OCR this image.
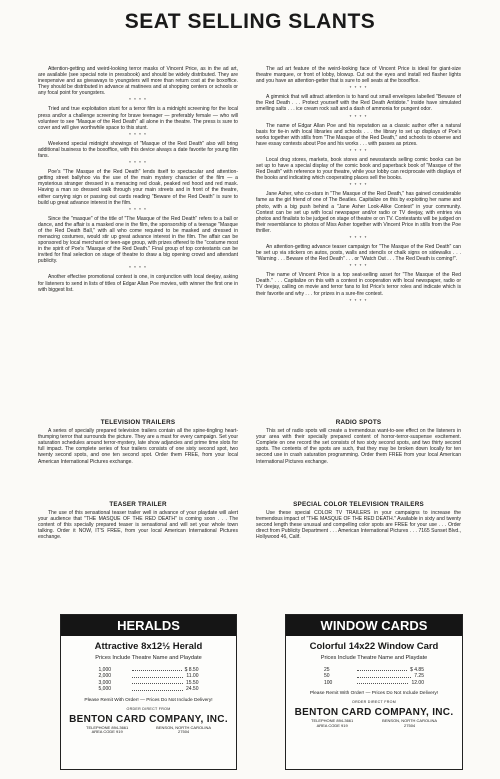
SEAT SELLING SLANTS

Attention-getting and weird-looking terror masks of Vincent Price, as in the ad art, are available (see special note in pressbook) and should be widely distributed. They are inexpensive and as giveaways to youngsters will more than return cost at the boxoffice. They should be distributed in advance at matinees and at shopping centers or schools or any focal point for youngsters.

* * * *

Tried and true exploitation stunt for a terror film is a midnight screening for the local press and/or a challenge screening for brave teenager — preferably female — who will volunteer to see "Masque of the Red Death" all alone in the theatre. The press is sure to cover and will give worthwhile space to this stunt.

* * * *

Weekend special midnight showings of "Masque of the Red Death" also will bring additional business to the boxoffice, with this device always a date favorite for young film fans.

* * * *

Poe's "The Masque of the Red Death" lends itself to spectacular and attention-getting street ballyhoo via the use of the main mystery character of the film — a mysterious stranger dressed in a menacing red cloak, peaked red hood and red mask. Having a man so dressed walk through your main streets and in front of the theatre, either carrying sign or passing out cards reading "Beware of the Red Death" is sure to build up great advance interest in the film.

* * * *

Since the "masque" of the title of "The Masque of the Red Death" refers to a ball or dance, and the affair is a masked one in the film, the sponsorship of a teenage "Masque of the Red Death Ball," with all who come required to be masked and dressed in menacing costumes, would stir up great advance interest in the film. The affair can be sponsored by local merchant or teen-age group, with prizes offered to the "costume most in the spirit of Poe's "Masque of the Red Death." Final group of top contestants can be invited for final selection on stage of theatre to draw a big opening crowd and attendant publicity.

* * * *

Another effective promotional contest is one, in conjunction with local deejay, asking for listeners to send in lists of titles of Edgar Allan Poe movies, with winner the first one in with biggest list.

The ad art feature of the weird-looking face of Vincent Price is ideal for giant-size theatre marquee, or front of lobby, blowup. Cut out the eyes and install red flasher lights and you have an attention-getter that is sure to sell seats at the boxoffice.

* * * *

A gimmick that will attract attention is to hand out small envelopes labelled "Beware of the Red Death . . . Protect yourself with the Red Death Antidote." Inside have simulated smelling salts . . . ice cream rock salt and a dash of ammonia for pungent odor.

* * * *

The name of Edgar Allan Poe and his reputation as a classic author offer a natural basis for tie-in with local libraries and schools . . . the library to set up displays of Poe's works together with stills from "The Masque of the Red Death," and schools to observe and have essay contests about Poe and his works . . . with passes as prizes.

* * * *

Local drug stores, markets, book stores and newsstands selling comic books can be set up to have a special display of the comic book and paperback book of "Masque of the Red Death" with reference to your theatre, while your lobby can reciprocate with displays of the books and indicating which cooperating places sell the books.

* * * *

Jane Asher, who co-stars in "The Masque of the Red Death," has gained considerable fame as the girl friend of one of The Beatles. Capitalize on this by exploiting her name and photo, with a big push behind a "Jane Asher Look-Alike Contest" in your community. Contest can be set up with local newspaper and/or radio or TV deejay, with entries via photos and finalists to be judged on stage of theatre or on TV. Contestants will be judged on their resemblance to photos of Miss Asher together with Vincent Price in stills from the Poe thriller.

* * * *

An attention-getting advance teaser campaign for "The Masque of the Red Death" can be set up via stickers on autos, posts, walls and stencils or chalk signs on sidewalks . . . "Warning . . . Beware of the Red Death" . . . or "Watch Out . . . The Red Death is coming!".

* * * *

The name of Vincent Price is a top seat-selling asset for "The Masque of the Red Death." . . . Capitalize on this with a contest in cooperation with local newspaper, radio or TV deejay, calling on movie and terror fans to list Price's terror roles and indicate which is their favorite and why . . . for prizes in a sure-fire contest.

* * * *
TELEVISION TRAILERS

A series of specially prepared television trailers contain all the spine-tingling heart-thumping terror that surrounds the picture. They are a must for every campaign. Set your saturation schedules around terror-mystery, late show adjancies and prime time slots for full impact. The complete series of four trailers consists of one sixty second spot, two twenty second spots, and one ten second spot. Order them FREE, from your local American International Pictures exchange.

TEASER TRAILER

The use of this sensational teaser trailer well in advance of your playdate will alert your audience that "THE MASQUE OF THE RED DEATH" is coming soon . . . The content of this specially prepared teaser is sensational and will set your whole town talking. Order it NOW, IT'S FREE, from your local American International Pictures exchange.

RADIO SPOTS

This set of radio spots will create a tremendous want-to-see effect on the listeners in your area with their specially prepared content of horror-terror-suspense excitement. Complete on one record the set consists of two sixty second spots, and two thirty second spots. The contents of the spots are such, that they may be broken down locally for ten second use in crash saturation programming. Order them FREE from your local American International Pictures exchange.

SPECIAL COLOR TELEVISION TRAILERS

Use these special COLOR TV TRAILERS in your campaigns to increase the tremendous impact of "THE MASQUE OF THE RED DEATH." Available in sixty and twenty second length these unusual and compelling color spots are FREE for your use . . . Order direct from Publicity Department . . . American International Pictures . . . 7165 Sunset Blvd., Hollywood 46, Calif.

HERALDS
Attractive 8x12½ Herald
Prices Include Theatre Name and Playdate
1,000	$ 8.50
2,000	11.00
3,000	15.50
5,000	24.50
Please Remit With Order! — Prices Do Not Include Delivery!
ORDER DIRECT FROM
BENTON CARD COMPANY, INC.
TELEPHONE 894-3661
AREA CODE 919
BENSON, NORTH CAROLINA
27504
WINDOW CARDS
Colorful 14x22 Window Card
Prices Include Theatre Name and Playdate
25	$ 4.85
50	7.25
100	12.00
Please Remit With Order! — Prices Do Not Include Delivery!
ORDER DIRECT FROM
BENTON CARD COMPANY, INC.
TELEPHONE 894-3661
AREA CODE 919
BENSON, NORTH CAROLINA
27504
